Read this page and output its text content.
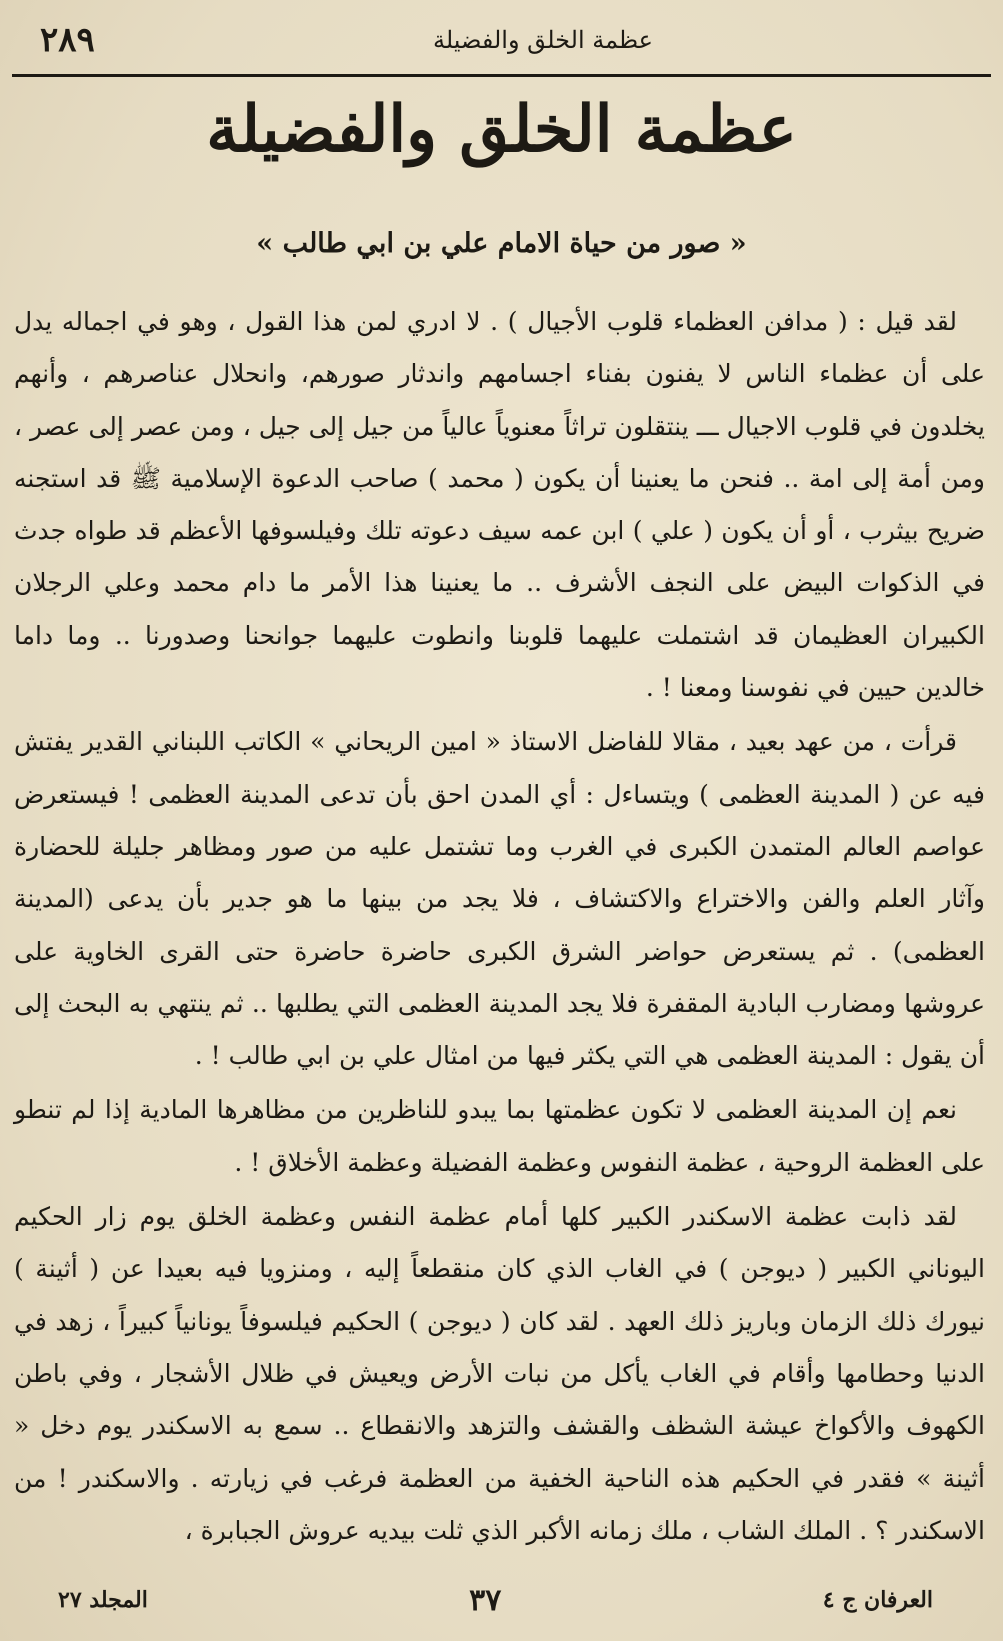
٢٨٩	عظمة الخلق والفضيلة
عظمة الخلق والفضيلة
« صور من حياة الامام علي بن ابي طالب »

لقد قيل : ( مدافن العظماء قلوب الأجيال ) . لا ادري لمن هذا القول ، وهو في اجماله يدل على أن عظماء الناس لا يفنون بفناء اجسامهم واندثار صورهم، وانحلال عناصرهم ، وأنهم يخلدون في قلوب الاجيال ـــ ينتقلون تراثاً معنوياً عالياً من جيل إلى جيل ، ومن عصر إلى عصر ، ومن أمة إلى امة .. فنحن ما يعنينا أن يكون ( محمد ) صاحب الدعوة الإسلامية ﷺ قد استجنه ضريح بيثرب ، أو أن يكون ( علي ) ابن عمه سيف دعوته تلك وفيلسوفها الأعظم قد طواه جدث في الذكوات البيض على النجف الأشرف .. ما يعنينا هذا الأمر ما دام محمد وعلي الرجلان الكبيران العظيمان قد اشتملت عليهما قلوبنا وانطوت عليهما جوانحنا وصدورنا .. وما داما خالدين حيين في نفوسنا ومعنا ! .

قرأت ، من عهد بعيد ، مقالا للفاضل الاستاذ « امين الريحاني » الكاتب اللبناني القدير يفتش فيه عن ( المدينة العظمى ) ويتساءل : أي المدن احق بأن تدعى المدينة العظمى ! فيستعرض عواصم العالم المتمدن الكبرى في الغرب وما تشتمل عليه من صور ومظاهر جليلة للحضارة وآثار العلم والفن والاختراع والاكتشاف ، فلا يجد من بينها ما هو جدير بأن يدعى (المدينة العظمى) . ثم يستعرض حواضر الشرق الكبرى حاضرة حاضرة حتى القرى الخاوية على عروشها ومضارب البادية المقفرة فلا يجد المدينة العظمى التي يطلبها .. ثم ينتهي به البحث إلى أن يقول : المدينة العظمى هي التي يكثر فيها من امثال علي بن ابي طالب ! .

نعم إن المدينة العظمى لا تكون عظمتها بما يبدو للناظرين من مظاهرها المادية إذا لم تنطو على العظمة الروحية ، عظمة النفوس وعظمة الفضيلة وعظمة الأخلاق ! .

لقد ذابت عظمة الاسكندر الكبير كلها أمام عظمة النفس وعظمة الخلق يوم زار الحكيم اليوناني الكبير ( ديوجن ) في الغاب الذي كان منقطعاً إليه ، ومنزويا فيه بعيدا عن ( أثينة ) نيورك ذلك الزمان وباريز ذلك العهد . لقد كان ( ديوجن ) الحكيم فيلسوفاً يونانياً كبيراً ، زهد في الدنيا وحطامها وأقام في الغاب يأكل من نبات الأرض ويعيش في ظلال الأشجار ، وفي باطن الكهوف والأكواخ عيشة الشظف والقشف والتزهد والانقطاع .. سمع به الاسكندر يوم دخل « أثينة » فقدر في الحكيم هذه الناحية الخفية من العظمة فرغب في زيارته . والاسكندر ! من الاسكندر ؟ . الملك الشاب ، ملك زمانه الأكبر الذي ثلت بيديه عروش الجبابرة ،

المجلد ٢٧	٣٧	العرفان ج ٤
